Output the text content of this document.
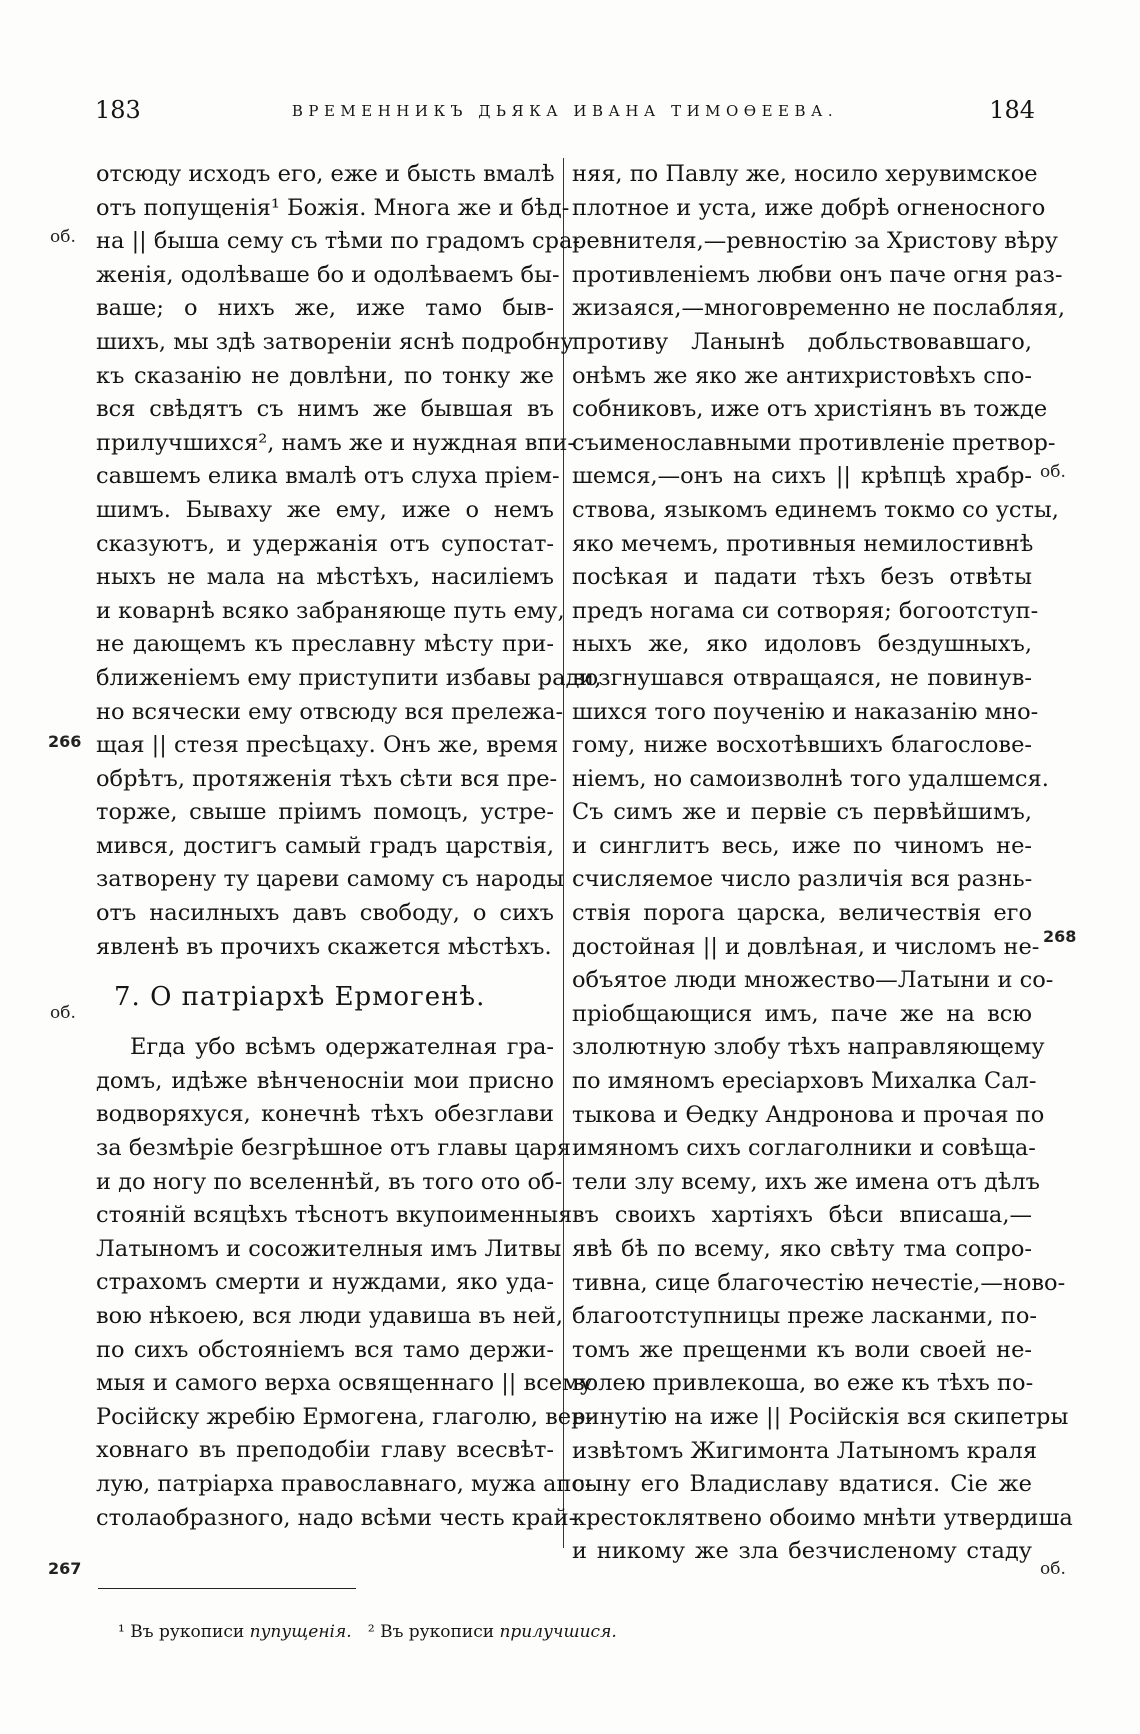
183	ВРЕМЕННИКЪ ДЬЯКА ИВАНА ТИМОѲЕЕВА.	184
отсюду исходъ его, еже и бысть вмалѣ
отъ попущенія¹ Божія. Многа же и бѣд-
на || быша сему съ тѣми по градомъ сра-
женія, одолѣваше бо и одолѣваемъ бы-
ваше; о нихъ же, иже тамо быв-
шихъ, мы здѣ затвореніи яснѣ подробну
къ сказанію не довлѣни, по тонку же
вся свѣдятъ съ нимъ же бывшая въ
прилучшихся², намъ же и нуждная впи-
савшемъ елика вмалѣ отъ слуха пріем-
шимъ. Бываху же ему, иже о немъ
сказуютъ, и удержанія отъ супостат-
ныхъ не мала на мѣстѣхъ, насиліемъ
и коварнѣ всяко забраняюще путь ему,
не дающемъ къ преславну мѣсту при-
ближеніемъ ему приступити избавы ради,
но всячески ему отвсюду вся прележа-
щая || стезя пресѣцаху. Онъ же, время
обрѣтъ, протяженія тѣхъ сѣти вся пре-
торже, свыше пріимъ помоцъ, устре-
мився, достигъ самый градъ царствія,
затворену ту цареви самому съ народы
отъ насилныхъ давъ свободу, о сихъ
явленѣ въ прочихъ скажется мѣстѣхъ.
7. О патріархѣ Ермогенѣ.
Егда убо всѣмъ одержателная гра-
домъ, идѣже вѣнченосніи мои присно
водворяхуся, конечнѣ тѣхъ обезглави
за безмѣріе безгрѣшное отъ главы царя
и до ногу по вселеннѣй, въ того ото об-
стояній всяцѣхъ тѣснотъ вкупоименныя
Латыномъ и сосожителныя имъ Литвы
страхомъ смерти и нуждами, яко уда-
вою нѣкоею, вся люди удавиша въ ней,
по сихъ обстояніемъ вся тамо держи-
мыя и самого верха освященнаго || всему
Російску жребію Ермогена, глаголю, вер-
ховнаго въ преподобіи главу всесвѣт-
лую, патріарха православнаго, мужа апо-
столаобразного, надо всѣми честь край-
няя, по Павлу же, носило херувимское
плотное и уста, иже добрѣ огненосного
ревнителя,—ревностію за Христову вѣру
противленіемъ любви онъ паче огня раз-
жизаяся,—многовременно не послабляя,
противу Ланынѣ добльствовавшаго,
онѣмъ же яко же антихристовѣхъ спо-
собниковъ, иже отъ христіянъ въ тожде
съименославными противленіе претвор-
шемся,—онъ на сихъ || крѣпцѣ храбр-
ствова, языкомъ единемъ токмо со усты,
яко мечемъ, противныя немилостивнѣ
посѣкая и падати тѣхъ безъ отвѣты
предъ ногама си сотворяя; богоотступ-
ныхъ же, яко идоловъ бездушныхъ,
возгнушався отвращаяся, не повинув-
шихся того поученію и наказанію мно-
гому, ниже восхотѣвшихъ благослове-
ніемъ, но самоизволнѣ того удалшемся.
Съ симъ же и первіе съ первѣйшимъ,
и синглитъ весь, иже по чиномъ не-
счисляемое число различія вся разнь-
ствія порога царска, величествія его
достойная || и довлѣная, и числомъ не-
объятое люди множество—Латыни и со-
пріобщающися имъ, паче же на всю
злолютную злобу тѣхъ направляющему
по имяномъ ересіарховъ Михалка Сал-
тыкова и Ѳедку Андронова и прочая по
имяномъ сихъ соглаголники и совѣща-
тели злу всему, ихъ же имена отъ дѣлъ
въ своихъ хартіяхъ бѣси вписаша,—
явѣ бѣ по всему, яко свѣту тма сопро-
тивна, сице благочестію нечестіе,—ново-
благоотступницы преже ласканми, по-
томъ же прещенми къ воли своей не-
волею привлекоша, во еже къ тѣхъ по-
винутію на иже || Російскія вся скипетры
извѣтомъ Жигимонта Латыномъ краля
сыну его Владиславу вдатися. Сіе же
крестоклятвено обоимо мнѣти утвердиша
и никому же зла безчисленому стаду
об.
266
об.
267
об.
268
об.
¹ Въ рукописи пупущенія. ² Въ рукописи прилучшися.
